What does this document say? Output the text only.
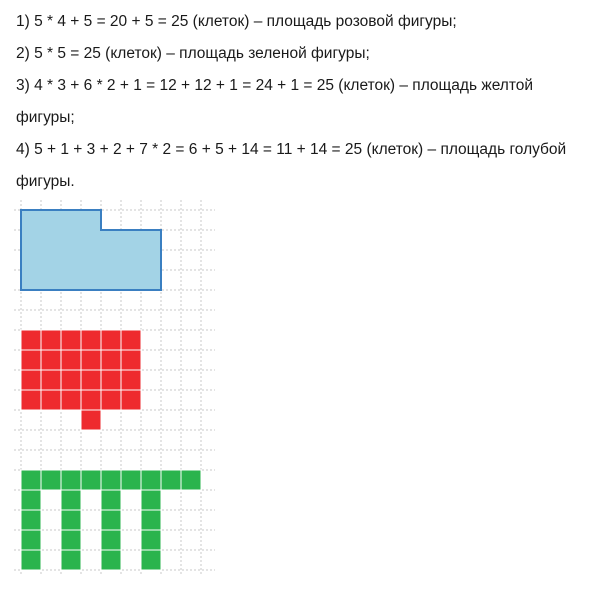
1) 5 * 4 + 5 = 20 + 5 = 25 (клеток) – площадь розовой фигуры;
2) 5 * 5 = 25 (клеток) – площадь зеленой фигуры;
3) 4 * 3 + 6 * 2 + 1 = 12 + 12 + 1 = 24 + 1 = 25 (клеток) – площадь желтой
фигуры;
4) 5 + 1 + 3 + 2 + 7 * 2 = 6 + 5 + 14 = 11 + 14 = 25 (клеток) – площадь голубой
фигуры.
